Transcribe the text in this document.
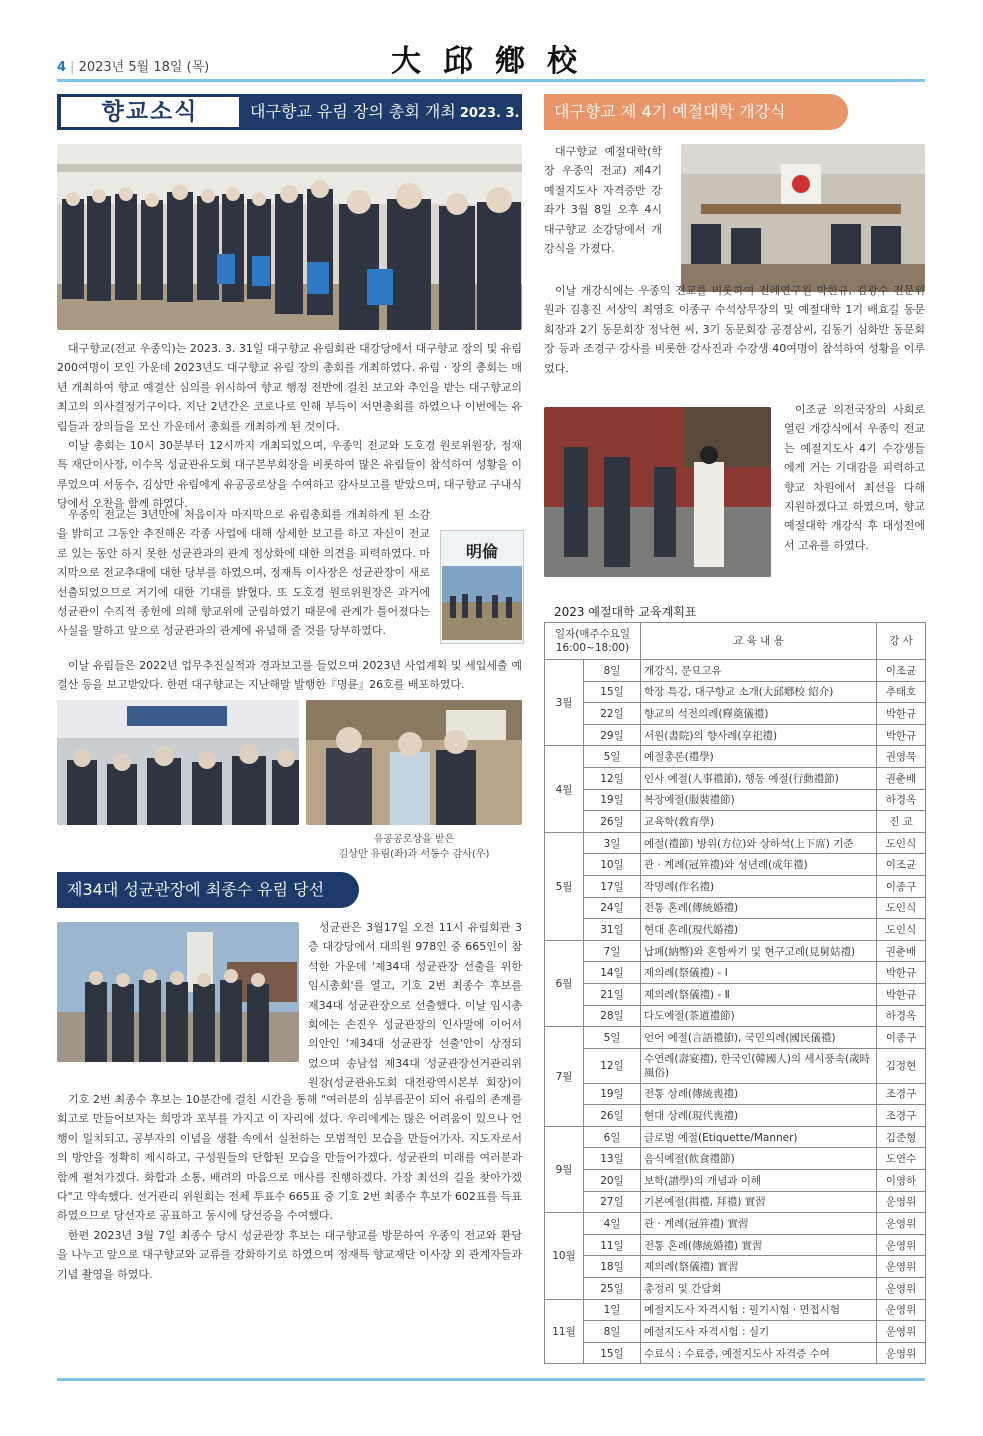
4 | 2023년 5월 18일 (목)	大邱鄕校
향교소식	대구향교 유림 장의 총회 개최 2023. 3.

대구향교(전교 우종익)는 2023. 3. 31일 대구향교 유림회관 대강당에서 대구향교 장의 및 유림 200여명이 모인 가운데 2023년도 대구향교 유림 장의 총회를 개최하였다. 유림 · 장의 총회는 매년 개최하여 향교 예결산 심의를 위시하여 향교 행정 전반에 걸친 보고와 추인을 받는 대구향교의 최고의 의사결정기구이다. 지난 2년간은 코로나로 인해 부득이 서면총회를 하였으나 이번에는 유림들과 장의들을 모신 가운데서 총회를 개최하게 된 것이다.

이날 총회는 10시 30분부터 12시까지 개최되었으며, 우종익 전교와 도호경 원로위원장, 정재특 재단이사장, 이수목 성균관유도회 대구본부회장을 비롯하여 많은 유림들이 참석하여 성황을 이루었으며 서동수, 김상만 유림에게 유공공로상을 수여하고 감사보고를 받았으며, 대구향교 구내식당에서 오찬을 함께 하였다.

우종익 전교는 3년만에 처음이자 마지막으로 유림총회를 개최하게 된 소감을 밝히고 그동안 추진해온 각종 사업에 대해 상세한 보고를 하고 자신이 전교로 있는 동안 하지 못한 성균관과의 관계 정상화에 대한 의견을 피력하였다. 마지막으로 전교추대에 대한 당부를 하였으며, 정재특 이사장은 성균관장이 새로 선출되었으므로 거기에 대한 기대를 밝혔다. 또 도호경 원로위원장은 과거에 성균관이 수직적 종헌에 의해 향교위에 군림하였기 때문에 관계가 틀어졌다는 사실을 말하고 앞으로 성균관과의 관계에 유념해 줄 것을 당부하였다.

明倫

이날 유림들은 2022년 업무추진실적과 경과보고를 들었으며 2023년 사업계획 및 세입세출 예결산 등을 보고받았다. 한편 대구향교는 지난해말 발행한『명륜』26호를 배포하였다.

유공공로상을 받은
김상만 유림(좌)과 서동수 감사(우)
제34대 성균관장에 최종수 유림 당선

성균관은 3월17일 오전 11시 유림회관 3층 대강당에서 대의원 978인 중 665인이 참석한 가운데 '제34대 성균관장 선출을 위한 임시총회'를 열고, 기호 2번 최종수 후보를 제34대 성균관장으로 선출했다. 이날 임시총회에는 손진우 성균관장의 인사말에 이어서 의안인 '제34대 성균관장 선출'안이 상정되었으며 송남섭 제34대 성균관장선거관리위원장(성균관유도회 대전광역시본부 회장)이

기호 2번 최종수 후보는 10분간에 걸친 시간을 통해 "여러분의 심부름꾼이 되어 유림의 존재를 회고로 만들어보자는 희망과 포부를 가지고 이 자리에 섰다. 우리에게는 많은 어려움이 있으나 언행이 일치되고, 공부자의 이념을 생활 속에서 실천하는 모범적인 모습을 만들어가자. 지도자로서의 방안을 정확히 제시하고, 구성원들의 단합된 모습을 만들어가겠다. 성균관의 미래를 여러분과 함께 펼쳐가겠다. 화합과 소통, 배려의 마음으로 매사를 진행하겠다. 가장 최선의 길을 찾아가겠다"고 약속했다. 선거관리 위원회는 전체 투표수 665표 중 기호 2번 최종수 후보가 602표를 득표하였으므로 당선자로 공표하고 동시에 당선증을 수여했다.

한편 2023년 3월 7일 최종수 당시 성균관장 후보는 대구향교를 방문하여 우종익 전교와 환담을 나누고 앞으로 대구향교와 교류를 강화하기로 하였으며 정재특 향교재단 이사장 외 관계자들과 기념 촬영을 하였다.

대구향교 제 4기 예절대학 개강식

대구향교 예절대학(학장 우종익 전교) 제4기 예절지도사 자격증반 강좌가 3월 8일 오후 4시 대구향교 소강당에서 개강식을 가졌다.

이날 개강식에는 우종익 전교를 비롯하여 전례연구원 박한규, 김광수 전문위원과 김홍진 서상익 최영호 이종구 수석상무장의 및 예절대학 1기 배효길 동문회장과 2기 동문회장 정낙현 씨, 3기 동문회장 공경삼씨, 김동기 심화반 동문회장 등과 조경구 강사를 비롯한 강사진과 수강생 40여명이 참석하여 성황을 이루었다.

이조균 의전국장의 사회로 열린 개강식에서 우종익 전교는 예절지도사 4기 수강생들에게 거는 기대감을 피력하고 향교 차원에서 최선을 다해 지원하겠다고 하였으며, 향교 예절대학 개강식 후 대성전에서 고유를 하였다.

2023 예절대학 교육계획표
일자(매주수요일 16:00~18:00)		교 육 내 용	강 사
3월	8일	개강식, 문묘고유	이조균
	15일	학장 특강, 대구향교 소개(大邱鄕校 紹介)	추태호
	22일	향교의 석전의례(釋奠儀禮)	박한규
	29일	서원(書院)의 향사례(享祀禮)	박한규
4월	5일	예절총론(禮學)	권영묵
	12일	인사 예절(人事禮節), 행동 예절(行動禮節)	권춘배
	19일	복장예절(服裝禮節)	하경옥
	26일	교육학(敎育學)	진 교
5월	3일	예절(禮節) 방위(方位)와 상하석(上下席) 기준	도인식
	10일	관 · 계례(冠笄禮)와 성년례(成年禮)	이조균
	17일	작명례(作名禮)	이종구
	24일	전통 혼례(傳統婚禮)	도인식
	31일	현대 혼례(現代婚禮)	도인식
6월	7일	납폐(納幣)와 혼함싸기 및 현구고례(見舅姑禮)	권춘배
	14일	제의례(祭儀禮) - Ⅰ	박한규
	21일	제의례(祭儀禮) - Ⅱ	박한규
	28일	다도예절(茶道禮節)	하경옥
7월	5일	언어 예절(言語禮節), 국민의례(國民儀禮)	이종구
	12일	수연례(壽宴禮), 한국인(韓國人)의 세시풍속(歲時風俗)	김정현
	19일	전통 상례(傳統喪禮)	조경구
	26일	현대 상례(現代喪禮)	조경구
9월	6일	글로벌 예절(Etiquette/Manner)	김준형
	13일	음식예절(飮食禮節)	도연수
	20일	보학(譜學)의 개념과 이해	이영하
	27일	기본예절(揖禮, 拜禮) 實習	운영위
10월	4일	관 · 계례(冠笄禮) 實習	운영위
	11일	전통 혼례(傳統婚禮) 實習	운영위
	18일	제의례(祭儀禮) 實習	운영위
	25일	총정리 및 간담회	운영위
11월	1일	예절지도사 자격시험 : 필기시험 · 면접시험	운영위
	8일	예절지도사 자격시험 : 실기	운영위
	15일	수료식 : 수료증, 예절지도사 자격증 수여	운영위
